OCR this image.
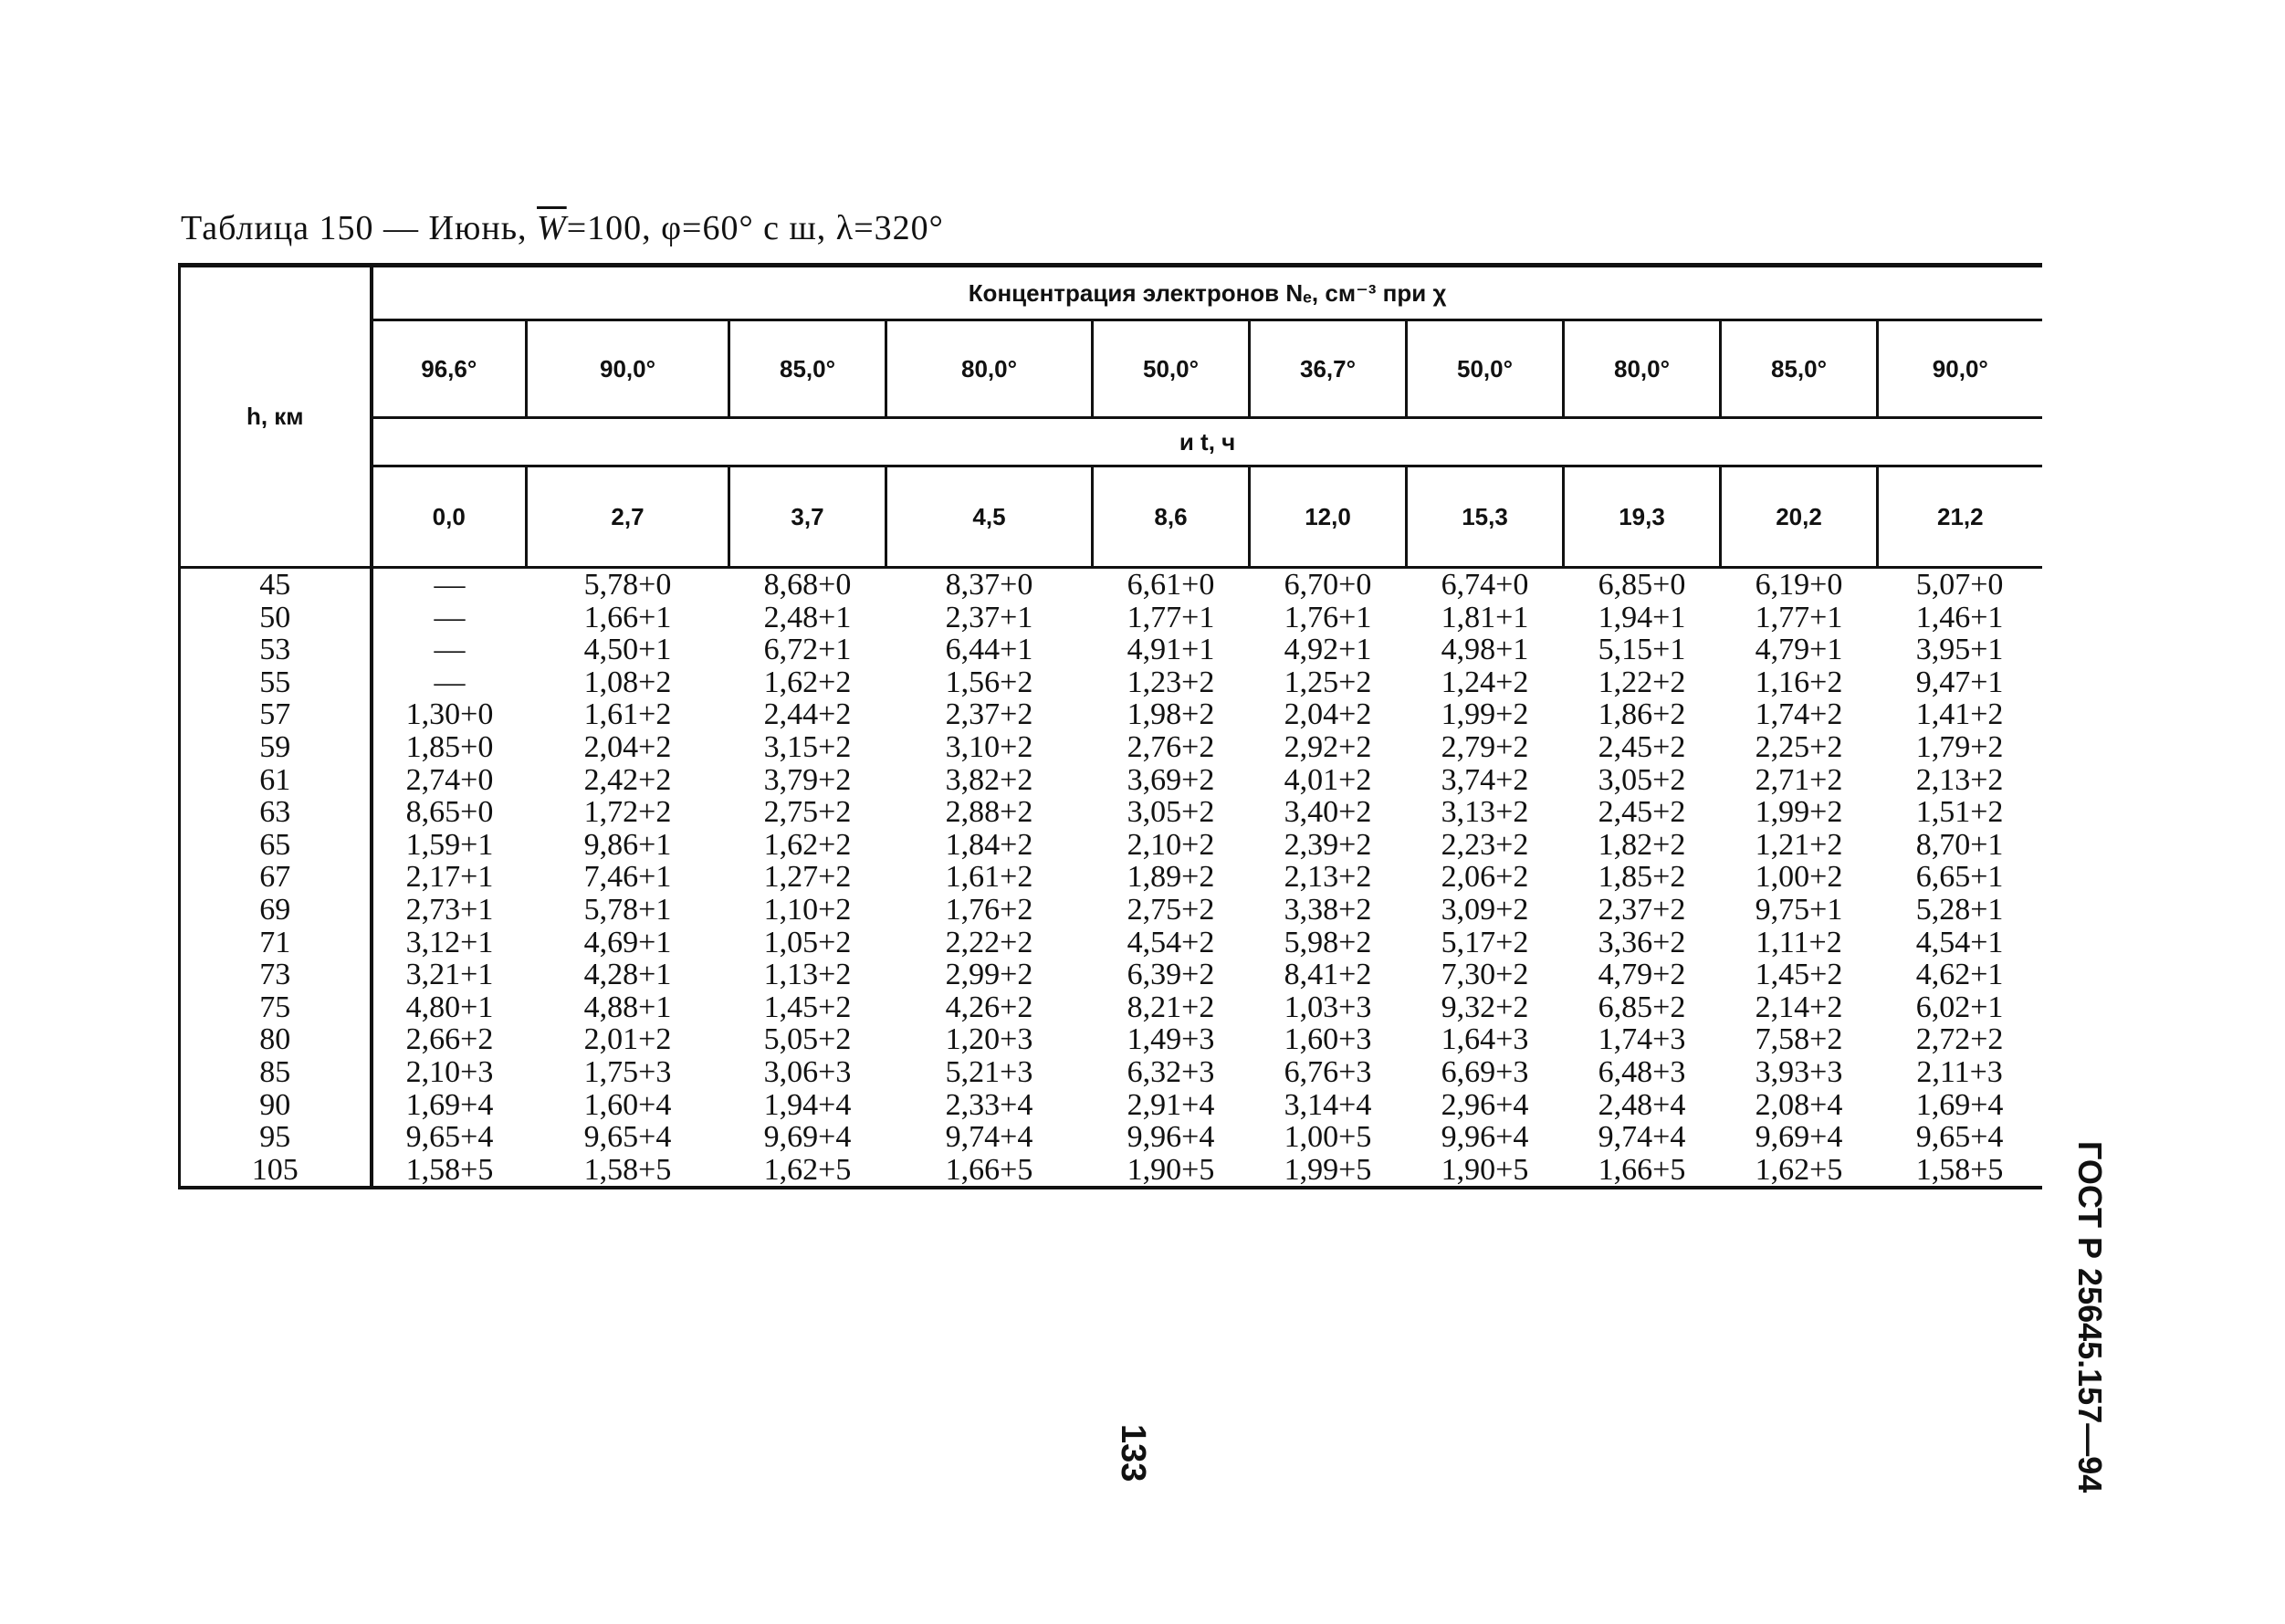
Таблица 150 — Июнь, $\overline{W}=100$, φ=60° с ш, λ=320°
h, км	Концентрация электронов Nₑ, см⁻³ при χ									
	96,6°	90,0°	85,0°	80,0°	50,0°	36,7°	50,0°	80,0°	85,0°	90,0°
	и t, ч									
	0,0	2,7	3,7	4,5	8,6	12,0	15,3	19,3	20,2	21,2
45	—	5,78+0	8,68+0	8,37+0	6,61+0	6,70+0	6,74+0	6,85+0	6,19+0	5,07+0
50	—	1,66+1	2,48+1	2,37+1	1,77+1	1,76+1	1,81+1	1,94+1	1,77+1	1,46+1
53	—	4,50+1	6,72+1	6,44+1	4,91+1	4,92+1	4,98+1	5,15+1	4,79+1	3,95+1
55	—	1,08+2	1,62+2	1,56+2	1,23+2	1,25+2	1,24+2	1,22+2	1,16+2	9,47+1
57	1,30+0	1,61+2	2,44+2	2,37+2	1,98+2	2,04+2	1,99+2	1,86+2	1,74+2	1,41+2
59	1,85+0	2,04+2	3,15+2	3,10+2	2,76+2	2,92+2	2,79+2	2,45+2	2,25+2	1,79+2
61	2,74+0	2,42+2	3,79+2	3,82+2	3,69+2	4,01+2	3,74+2	3,05+2	2,71+2	2,13+2
63	8,65+0	1,72+2	2,75+2	2,88+2	3,05+2	3,40+2	3,13+2	2,45+2	1,99+2	1,51+2
65	1,59+1	9,86+1	1,62+2	1,84+2	2,10+2	2,39+2	2,23+2	1,82+2	1,21+2	8,70+1
67	2,17+1	7,46+1	1,27+2	1,61+2	1,89+2	2,13+2	2,06+2	1,85+2	1,00+2	6,65+1
69	2,73+1	5,78+1	1,10+2	1,76+2	2,75+2	3,38+2	3,09+2	2,37+2	9,75+1	5,28+1
71	3,12+1	4,69+1	1,05+2	2,22+2	4,54+2	5,98+2	5,17+2	3,36+2	1,11+2	4,54+1
73	3,21+1	4,28+1	1,13+2	2,99+2	6,39+2	8,41+2	7,30+2	4,79+2	1,45+2	4,62+1
75	4,80+1	4,88+1	1,45+2	4,26+2	8,21+2	1,03+3	9,32+2	6,85+2	2,14+2	6,02+1
80	2,66+2	2,01+2	5,05+2	1,20+3	1,49+3	1,60+3	1,64+3	1,74+3	7,58+2	2,72+2
85	2,10+3	1,75+3	3,06+3	5,21+3	6,32+3	6,76+3	6,69+3	6,48+3	3,93+3	2,11+3
90	1,69+4	1,60+4	1,94+4	2,33+4	2,91+4	3,14+4	2,96+4	2,48+4	2,08+4	1,69+4
95	9,65+4	9,65+4	9,69+4	9,74+4	9,96+4	1,00+5	9,96+4	9,74+4	9,69+4	9,65+4
105	1,58+5	1,58+5	1,62+5	1,66+5	1,90+5	1,99+5	1,90+5	1,66+5	1,62+5	1,58+5 ГОСТ Р 25645.157—94
133
